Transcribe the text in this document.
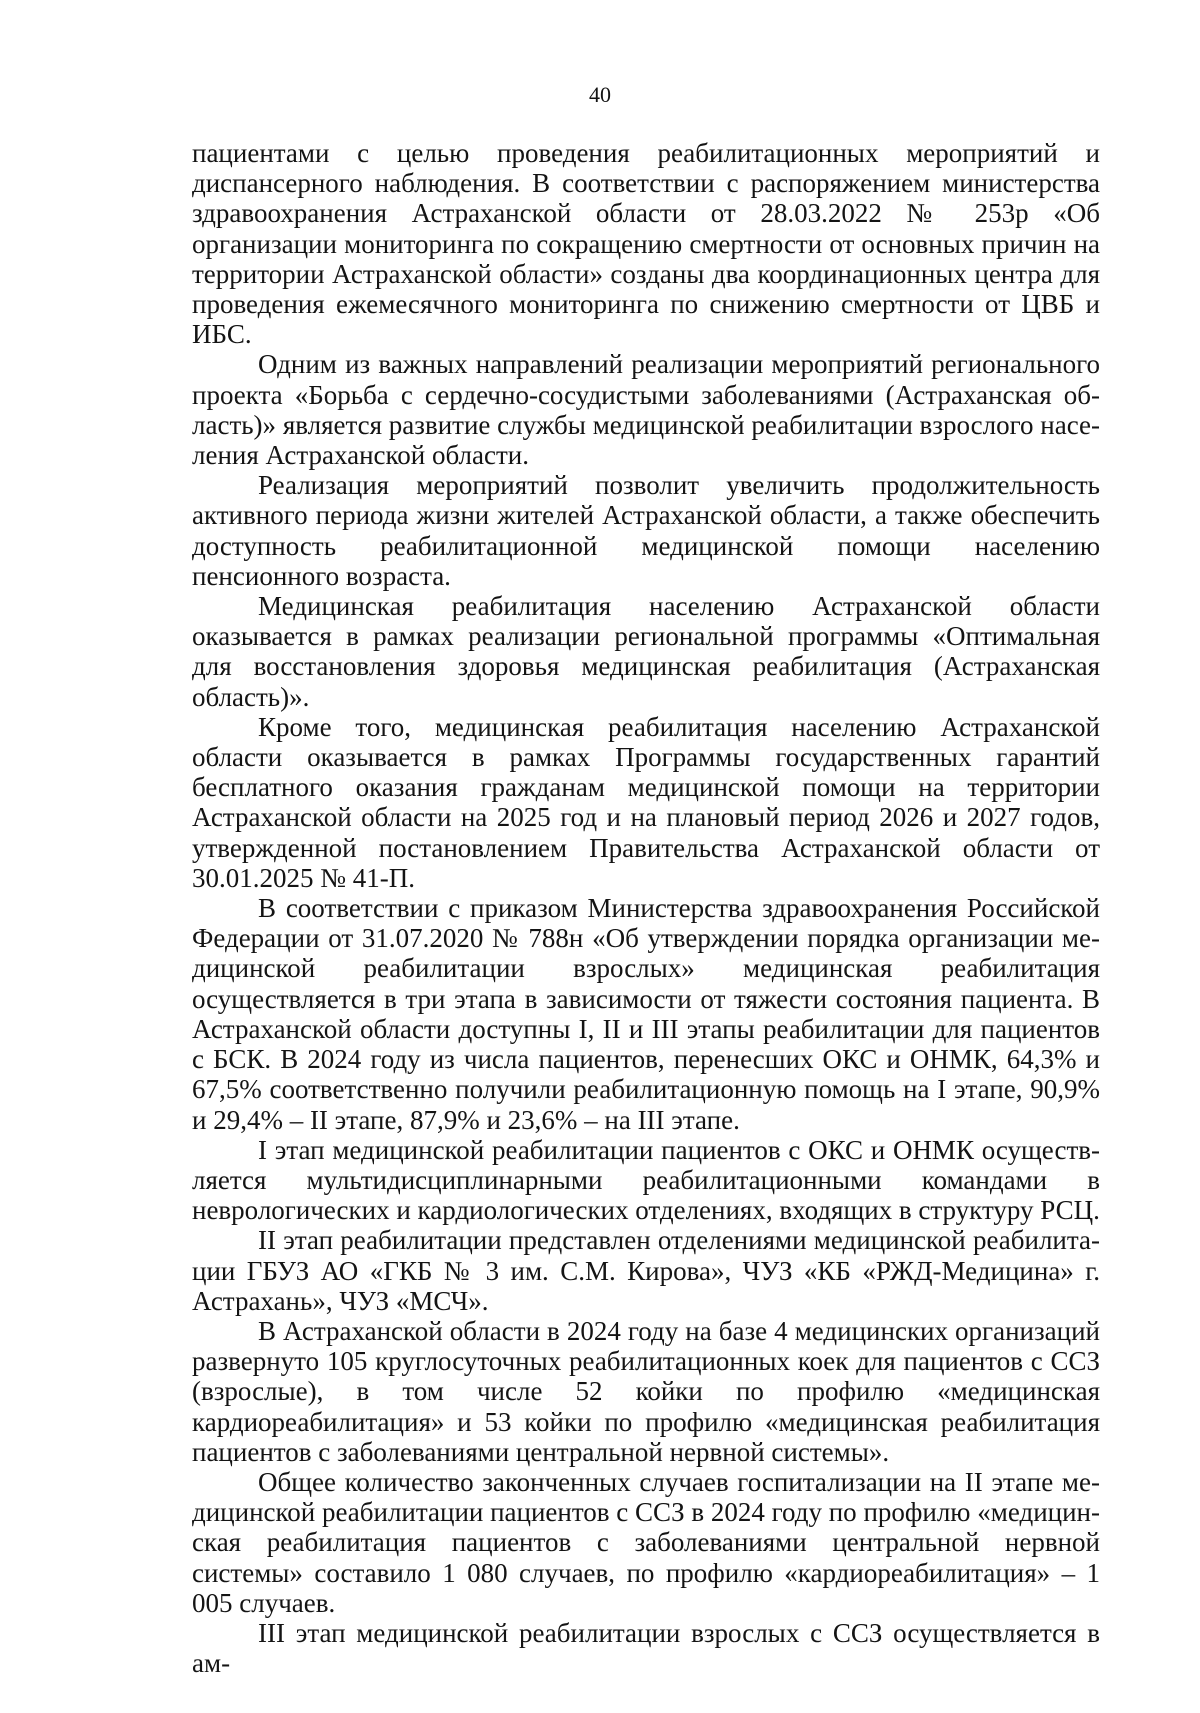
40

пациентами с целью проведения реабилитационных мероприятий и диспансерного наблюдения. В соответствии с распоряжением министерства здравоохранения Астраханской области от 28.03.2022 № 253р «Об организации мониторинга по сокращению смертности от основных причин на территории Астраханской области» созданы два координационных центра для проведения ежемесячного мониторинга по снижению смертности от ЦВБ и ИБС.

Одним из важных направлений реализации мероприятий регионального проекта «Борьба с сердечно-сосудистыми заболеваниями (Астраханская область)» является развитие службы медицинской реабилитации взрослого населения Астраханской области.

Реализация мероприятий позволит увеличить продолжительность активного периода жизни жителей Астраханской области, а также обеспечить доступность реабилитационной медицинской помощи населению пенсионного возраста.

Медицинская реабилитация населению Астраханской области оказывается в рамках реализации региональной программы «Оптимальная для восстановления здоровья медицинская реабилитация (Астраханская область)».

Кроме того, медицинская реабилитация населению Астраханской области оказывается в рамках Программы государственных гарантий бесплатного оказания гражданам медицинской помощи на территории Астраханской области на 2025 год и на плановый период 2026 и 2027 годов, утвержденной постановлением Правительства Астраханской области от 30.01.2025 № 41-П.

В соответствии с приказом Министерства здравоохранения Российской Федерации от 31.07.2020 № 788н «Об утверждении порядка организации медицинской реабилитации взрослых» медицинская реабилитация осуществляется в три этапа в зависимости от тяжести состояния пациента. В Астраханской области доступны I, II и III этапы реабилитации для пациентов с БСК. В 2024 году из числа пациентов, перенесших ОКС и ОНМК, 64,3% и 67,5% соответственно получили реабилитационную помощь на I этапе, 90,9% и 29,4% – II этапе, 87,9% и 23,6% – на III этапе.

I этап медицинской реабилитации пациентов с ОКС и ОНМК осуществляется мультидисциплинарными реабилитационными командами в неврологических и кардиологических отделениях, входящих в структуру РСЦ.

II этап реабилитации представлен отделениями медицинской реабилитации ГБУЗ АО «ГКБ № 3 им. С.М. Кирова», ЧУЗ «КБ «РЖД-Медицина» г. Астрахань», ЧУЗ «МСЧ».

В Астраханской области в 2024 году на базе 4 медицинских организаций развернуто 105 круглосуточных реабилитационных коек для пациентов с ССЗ (взрослые), в том числе 52 койки по профилю «медицинская кардиореабилитация» и 53 койки по профилю «медицинская реабилитация пациентов с заболеваниями центральной нервной системы».

Общее количество законченных случаев госпитализации на II этапе медицинской реабилитации пациентов с ССЗ в 2024 году по профилю «медицинская реабилитация пациентов с заболеваниями центральной нервной системы» составило 1 080 случаев, по профилю «кардиореабилитация» – 1 005 случаев.

III этап медицинской реабилитации взрослых с ССЗ осуществляется в ам-
